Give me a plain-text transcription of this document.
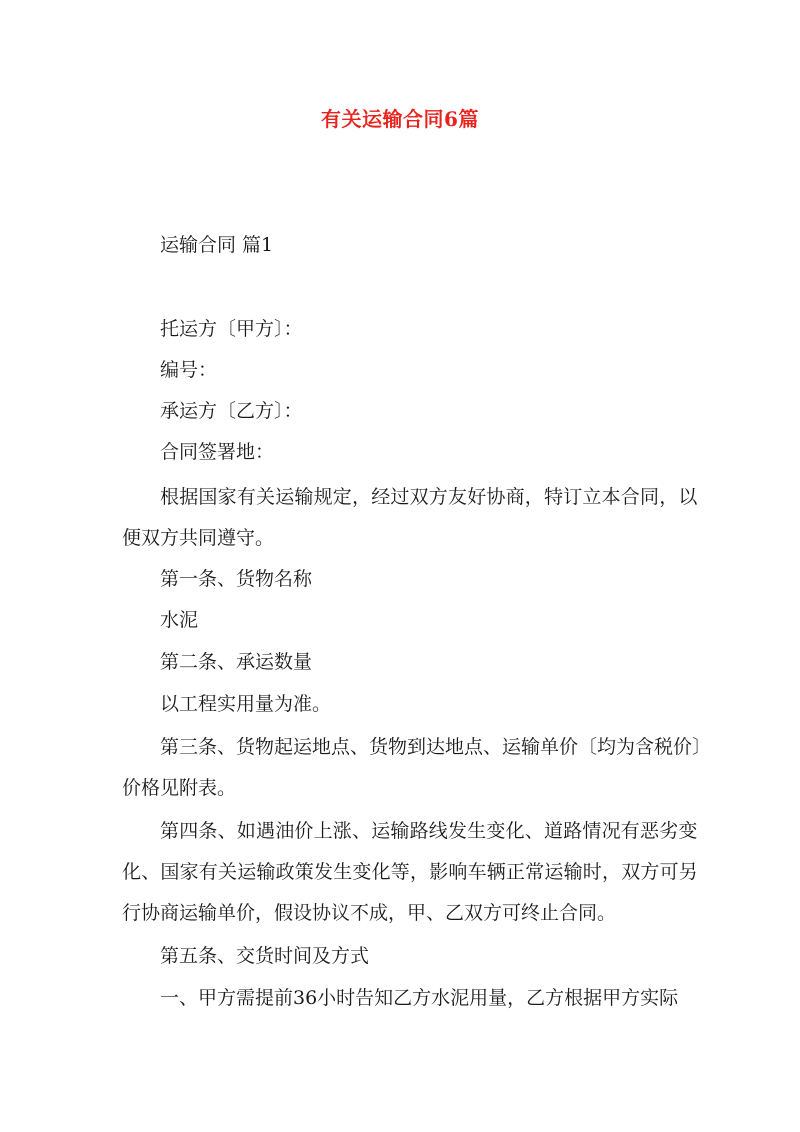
有关运输合同6篇

运输合同 篇1

托运方〔甲方〕：

编号：

承运方〔乙方〕：

合同签署地：

根据国家有关运输规定，经过双方友好协商，特订立本合同，以

便双方共同遵守。

第一条、货物名称

水泥

第二条、承运数量

以工程实用量为准。

第三条、货物起运地点、货物到达地点、运输单价〔均为含税价〕

价格见附表。

第四条、如遇油价上涨、运输路线发生变化、道路情况有恶劣变

化、国家有关运输政策发生变化等，影响车辆正常运输时，双方可另

行协商运输单价，假设协议不成，甲、乙双方可终止合同。

第五条、交货时间及方式

一、甲方需提前36小时告知乙方水泥用量，乙方根据甲方实际
